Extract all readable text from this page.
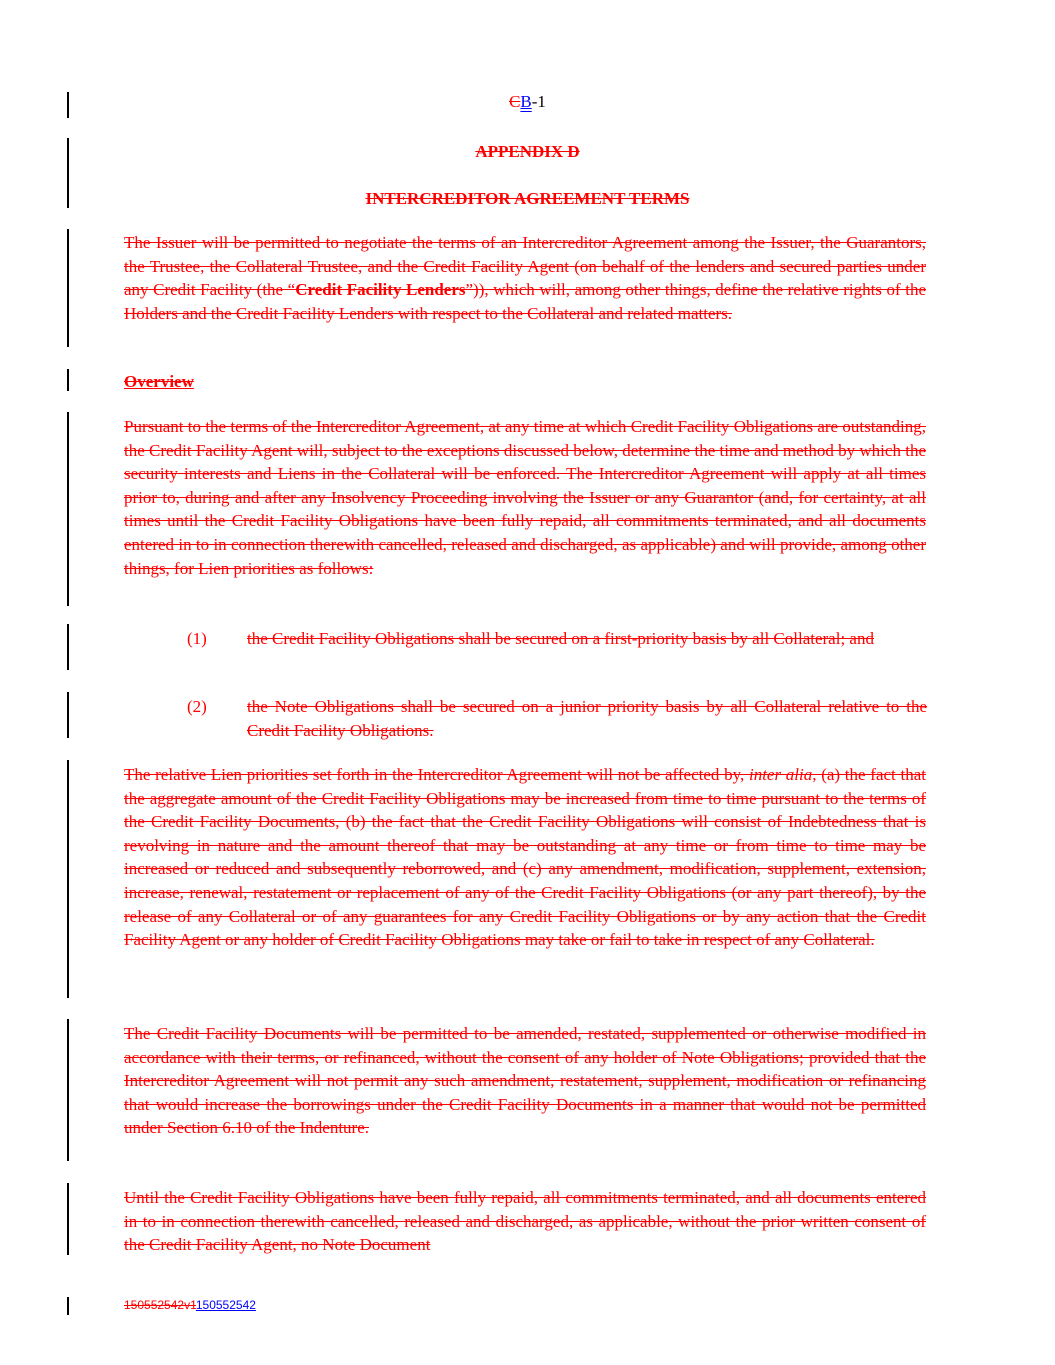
CB-1
APPENDIX D
INTERCREDITOR AGREEMENT TERMS

The Issuer will be permitted to negotiate the terms of an Intercreditor Agreement among the Issuer, the Guarantors, the Trustee, the Collateral Trustee, and the Credit Facility Agent (on behalf of the lenders and secured parties under any Credit Facility (the “Credit Facility Lenders”)), which will, among other things, define the relative rights of the Holders and the Credit Facility Lenders with respect to the Collateral and related matters.

Overview

Pursuant to the terms of the Intercreditor Agreement, at any time at which Credit Facility Obligations are outstanding, the Credit Facility Agent will, subject to the exceptions discussed below, determine the time and method by which the security interests and Liens in the Collateral will be enforced. The Intercreditor Agreement will apply at all times prior to, during and after any Insolvency Proceeding involving the Issuer or any Guarantor (and, for certainty, at all times until the Credit Facility Obligations have been fully repaid, all commitments terminated, and all documents entered in to in connection therewith cancelled, released and discharged, as applicable) and will provide, among other things, for Lien priorities as follows:

(1) the Credit Facility Obligations shall be secured on a first-priority basis by all Collateral; and
(2) the Note Obligations shall be secured on a junior priority basis by all Collateral relative to the Credit Facility Obligations.

The relative Lien priorities set forth in the Intercreditor Agreement will not be affected by, inter alia, (a) the fact that the aggregate amount of the Credit Facility Obligations may be increased from time to time pursuant to the terms of the Credit Facility Documents, (b) the fact that the Credit Facility Obligations will consist of Indebtedness that is revolving in nature and the amount thereof that may be outstanding at any time or from time to time may be increased or reduced and subsequently reborrowed, and (c) any amendment, modification, supplement, extension, increase, renewal, restatement or replacement of any of the Credit Facility Obligations (or any part thereof), by the release of any Collateral or of any guarantees for any Credit Facility Obligations or by any action that the Credit Facility Agent or any holder of Credit Facility Obligations may take or fail to take in respect of any Collateral.

The Credit Facility Documents will be permitted to be amended, restated, supplemented or otherwise modified in accordance with their terms, or refinanced, without the consent of any holder of Note Obligations; provided that the Intercreditor Agreement will not permit any such amendment, restatement, supplement, modification or refinancing that would increase the borrowings under the Credit Facility Documents in a manner that would not be permitted under Section 6.10 of the Indenture.

Until the Credit Facility Obligations have been fully repaid, all commitments terminated, and all documents entered in to in connection therewith cancelled, released and discharged, as applicable, without the prior written consent of the Credit Facility Agent, no Note Document

150552542v1150552542
